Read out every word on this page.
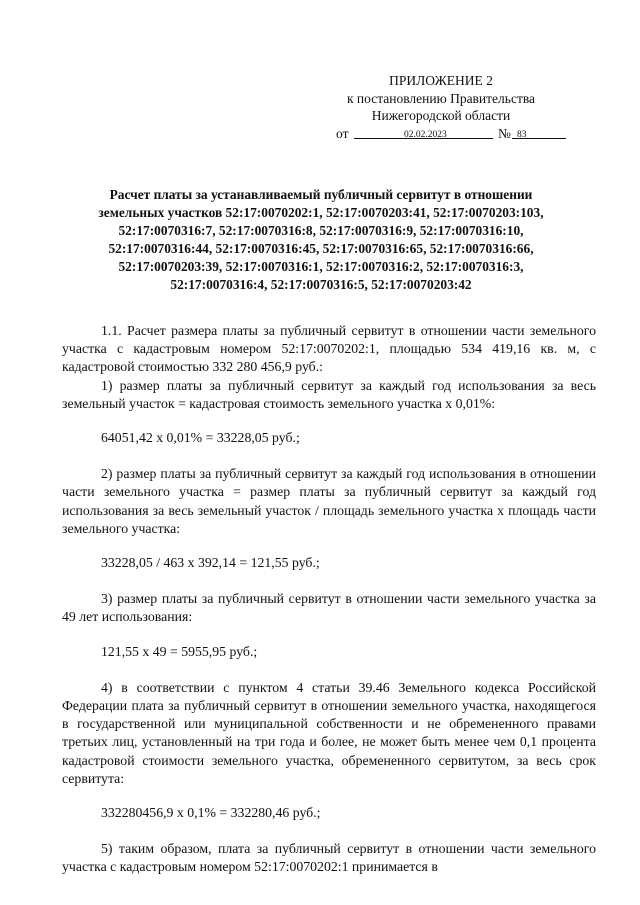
ПРИЛОЖЕНИЕ 2
к постановлению Правительства
Нижегородской области
от	02.02.2023	№ 83
Расчет платы за устанавливаемый публичный сервитут в отношении
земельных участков 52:17:0070202:1, 52:17:0070203:41, 52:17:0070203:103,
52:17:0070316:7, 52:17:0070316:8, 52:17:0070316:9, 52:17:0070316:10,
52:17:0070316:44, 52:17:0070316:45, 52:17:0070316:65, 52:17:0070316:66,
52:17:0070203:39, 52:17:0070316:1, 52:17:0070316:2, 52:17:0070316:3,
52:17:0070316:4, 52:17:0070316:5, 52:17:0070203:42

1.1. Расчет размера платы за публичный сервитут в отношении части земельного участка с кадастровым номером 52:17:0070202:1, площадью 534 419,16 кв. м, с кадастровой стоимостью 332 280 456,9 руб.:

1) размер платы за публичный сервитут за каждый год использования за весь земельный участок = кадастровая стоимость земельного участка х 0,01%:

64051,42 х 0,01% = 33228,05 руб.;

2) размер платы за публичный сервитут за каждый год использования в отношении части земельного участка = размер платы за публичный сервитут за каждый год использования за весь земельный участок / площадь земельного участка х площадь части земельного участка:

33228,05 / 463 х 392,14 = 121,55 руб.;

3) размер платы за публичный сервитут в отношении части земельного участка за 49 лет использования:

121,55 х 49 = 5955,95 руб.;

4) в соответствии с пунктом 4 статьи 39.46 Земельного кодекса Российской Федерации плата за публичный сервитут в отношении земельного участка, находящегося в государственной или муниципальной собственности и не обремененного правами третьих лиц, установленный на три года и более, не может быть менее чем 0,1 процента кадастровой стоимости земельного участка, обремененного сервитутом, за весь срок сервитута:

332280456,9 х 0,1% = 332280,46 руб.;

5) таким образом, плата за публичный сервитут в отношении части земельного участка с кадастровым номером 52:17:0070202:1 принимается в
